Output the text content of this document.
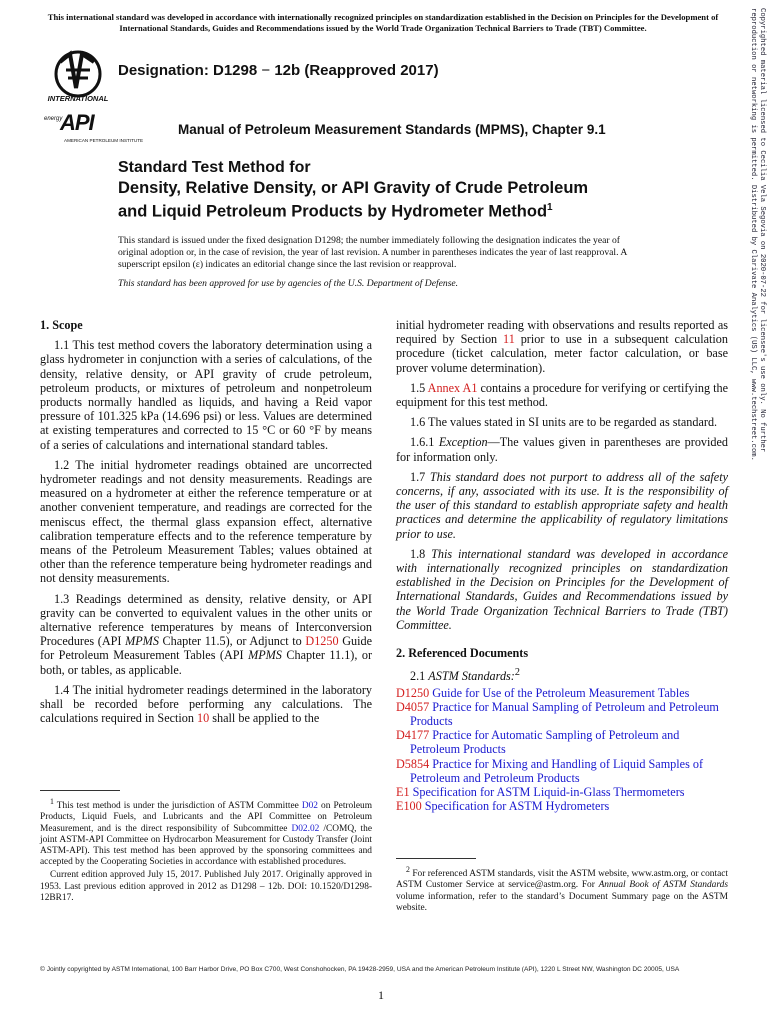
This international standard was developed in accordance with internationally recognized principles on standardization established in the Decision on Principles for the Development of International Standards, Guides and Recommendations issued by the World Trade Organization Technical Barriers to Trade (TBT) Committee.	Copyrighted material licensed to Cecilia Vela Segovia on 2020-07-22 for licensee's use only. No further reproduction or networking is permitted. Distributed by Clarivate Analytics (US) LLC, www.techstreet.com.
INTERNATIONAL
energy
API
AMERICAN PETROLEUM INSTITUTE
Designation: D1298 − 12b (Reapproved 2017)
Manual of Petroleum Measurement Standards (MPMS), Chapter 9.1
Standard Test Method for
Density, Relative Density, or API Gravity of Crude Petroleum
and Liquid Petroleum Products by Hydrometer Method$^1$
This standard is issued under the fixed designation D1298; the number immediately following the designation indicates the year of original adoption or, in the case of revision, the year of last revision. A number in parentheses indicates the year of last reapproval. A superscript epsilon (ε) indicates an editorial change since the last revision or reapproval.
This standard has been approved for use by agencies of the U.S. Department of Defense.
1. Scope

1.1 This test method covers the laboratory determination using a glass hydrometer in conjunction with a series of calculations, of the density, relative density, or API gravity of crude petroleum, petroleum products, or mixtures of petroleum and nonpetroleum products normally handled as liquids, and having a Reid vapor pressure of 101.325 kPa (14.696 psi) or less. Values are determined at existing temperatures and corrected to 15 °C or 60 °F by means of a series of calculations and international standard tables.

1.2 The initial hydrometer readings obtained are uncorrected hydrometer readings and not density measurements. Readings are measured on a hydrometer at either the reference temperature or at another convenient temperature, and readings are corrected for the meniscus effect, the thermal glass expansion effect, alternative calibration temperature effects and to the reference temperature by means of the Petroleum Measurement Tables; values obtained at other than the reference temperature being hydrometer readings and not density measurements.

1.3 Readings determined as density, relative density, or API gravity can be converted to equivalent values in the other units or alternative reference temperatures by means of Interconversion Procedures (API MPMS Chapter 11.5), or Adjunct to D1250 Guide for Petroleum Measurement Tables (API MPMS Chapter 11.1), or both, or tables, as applicable.

1.4 The initial hydrometer readings determined in the laboratory shall be recorded before performing any calculations. The calculations required in Section 10 shall be applied to the

$^1$ This test method is under the jurisdiction of ASTM Committee D02 on Petroleum Products, Liquid Fuels, and Lubricants and the API Committee on Petroleum Measurement, and is the direct responsibility of Subcommittee D02.02 /COMQ, the joint ASTM-API Committee on Hydrocarbon Measurement for Custody Transfer (Joint ASTM-API). This test method has been approved by the sponsoring committees and accepted by the Cooperating Societies in accordance with established procedures.

Current edition approved July 15, 2017. Published July 2017. Originally approved in 1953. Last previous edition approved in 2012 as D1298 – 12b. DOI: 10.1520/D1298-12BR17.

initial hydrometer reading with observations and results reported as required by Section 11 prior to use in a subsequent calculation procedure (ticket calculation, meter factor calculation, or base prover volume determination).

1.5 Annex A1 contains a procedure for verifying or certifying the equipment for this test method.

1.6 The values stated in SI units are to be regarded as standard.

1.6.1 Exception—The values given in parentheses are provided for information only.

1.7 This standard does not purport to address all of the safety concerns, if any, associated with its use. It is the responsibility of the user of this standard to establish appropriate safety and health practices and determine the applicability of regulatory limitations prior to use.

1.8 This international standard was developed in accordance with internationally recognized principles on standardization established in the Decision on Principles for the Development of International Standards, Guides and Recommendations issued by the World Trade Organization Technical Barriers to Trade (TBT) Committee.

2. Referenced Documents

2.1 ASTM Standards:$^2$

D1250 Guide for Use of the Petroleum Measurement Tables
D4057 Practice for Manual Sampling of Petroleum and Petroleum Products
D4177 Practice for Automatic Sampling of Petroleum and Petroleum Products
D5854 Practice for Mixing and Handling of Liquid Samples of Petroleum and Petroleum Products
E1 Specification for ASTM Liquid-in-Glass Thermometers
E100 Specification for ASTM Hydrometers

$^2$ For referenced ASTM standards, visit the ASTM website, www.astm.org, or contact ASTM Customer Service at service@astm.org. For Annual Book of ASTM Standards volume information, refer to the standard’s Document Summary page on the ASTM website.

© Jointly copyrighted by ASTM International, 100 Barr Harbor Drive, PO Box C700, West Conshohocken, PA 19428-2959, USA and the American Petroleum Institute (API), 1220 L Street NW, Washington DC 20005, USA
1
